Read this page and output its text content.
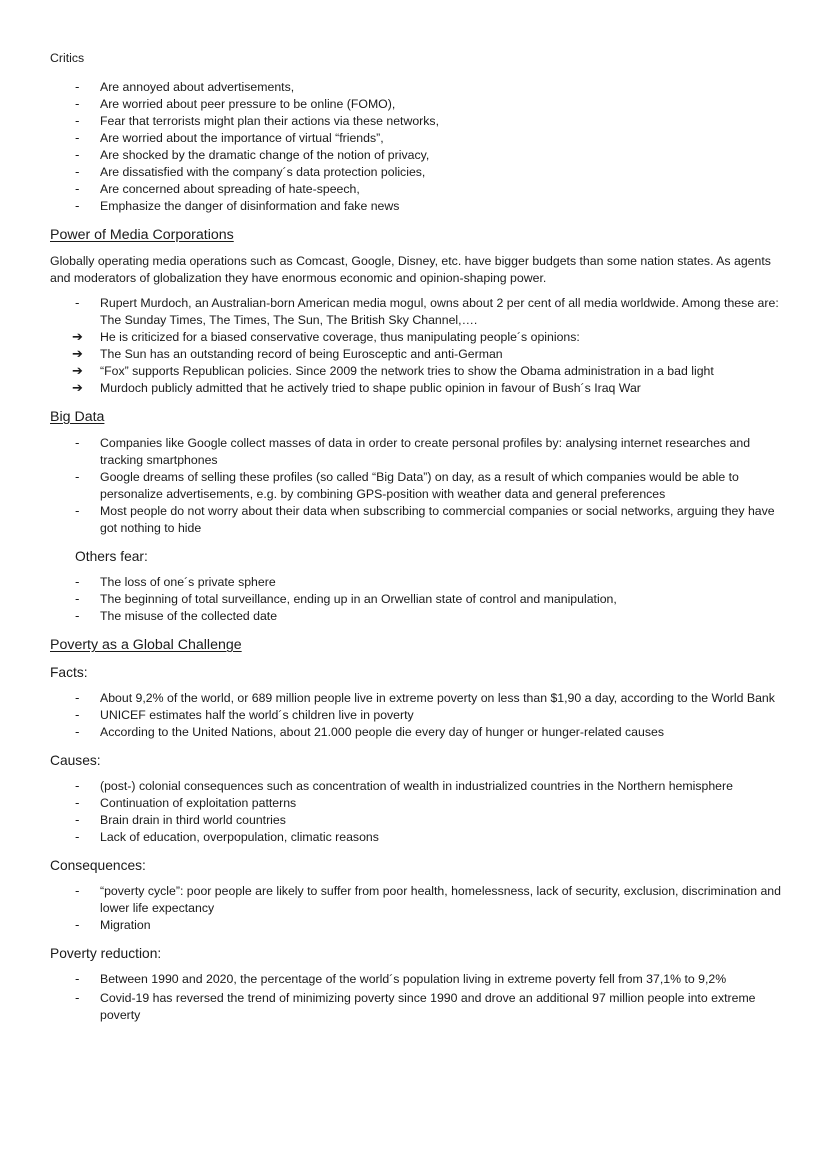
Critics
-	Are annoyed about advertisements,
-	Are worried about peer pressure to be online (FOMO),
-	Fear that terrorists might plan their actions via these networks,
-	Are worried about the importance of virtual “friends”,
-	Are shocked by the dramatic change of the notion of privacy,
-	Are dissatisfied with the company´s data protection policies,
-	Are concerned about spreading of hate-speech,
-	Emphasize the danger of disinformation and fake news
Power of Media Corporations

Globally operating media operations such as Comcast, Google, Disney, etc. have bigger budgets than some nation states. As agents and moderators of globalization they have enormous economic and opinion-shaping power.

-	Rupert Murdoch, an Australian-born American media mogul, owns about 2 per cent of all media worldwide. Among these are: The Sunday Times, The Times, The Sun, The British Sky Channel,….
➔	He is criticized for a biased conservative coverage, thus manipulating people´s opinions:
➔	The Sun has an outstanding record of being Eurosceptic and anti-German
➔	“Fox” supports Republican policies. Since 2009 the network tries to show the Obama administration in a bad light
➔	Murdoch publicly admitted that he actively tried to shape public opinion in favour of Bush´s Iraq War
Big Data
-	Companies like Google collect masses of data in order to create personal profiles by: analysing internet researches and tracking smartphones
-	Google dreams of selling these profiles (so called “Big Data”) on day, as a result of which companies would be able to personalize advertisements, e.g. by combining GPS-position with weather data and general preferences
-	Most people do not worry about their data when subscribing to commercial companies or social networks, arguing they have got nothing to hide
Others fear:
-	The loss of one´s private sphere
-	The beginning of total surveillance, ending up in an Orwellian state of control and manipulation,
-	The misuse of the collected date
Poverty as a Global Challenge
Facts:
-	About 9,2% of the world, or 689 million people live in extreme poverty on less than $1,90 a day, according to the World Bank
-	UNICEF estimates half the world´s children live in poverty
-	According to the United Nations, about 21.000 people die every day of hunger or hunger-related causes
Causes:
-	(post-) colonial consequences such as concentration of wealth in industrialized countries in the Northern hemisphere
-	Continuation of exploitation patterns
-	Brain drain in third world countries
-	Lack of education, overpopulation, climatic reasons
Consequences:
-	“poverty cycle”: poor people are likely to suffer from poor health, homelessness, lack of security, exclusion, discrimination and lower life expectancy
-	Migration
Poverty reduction:
-	Between 1990 and 2020, the percentage of the world´s population living in extreme poverty fell from 37,1% to 9,2%
-	Covid-19 has reversed the trend of minimizing poverty since 1990 and drove an additional 97 million people into extreme poverty
